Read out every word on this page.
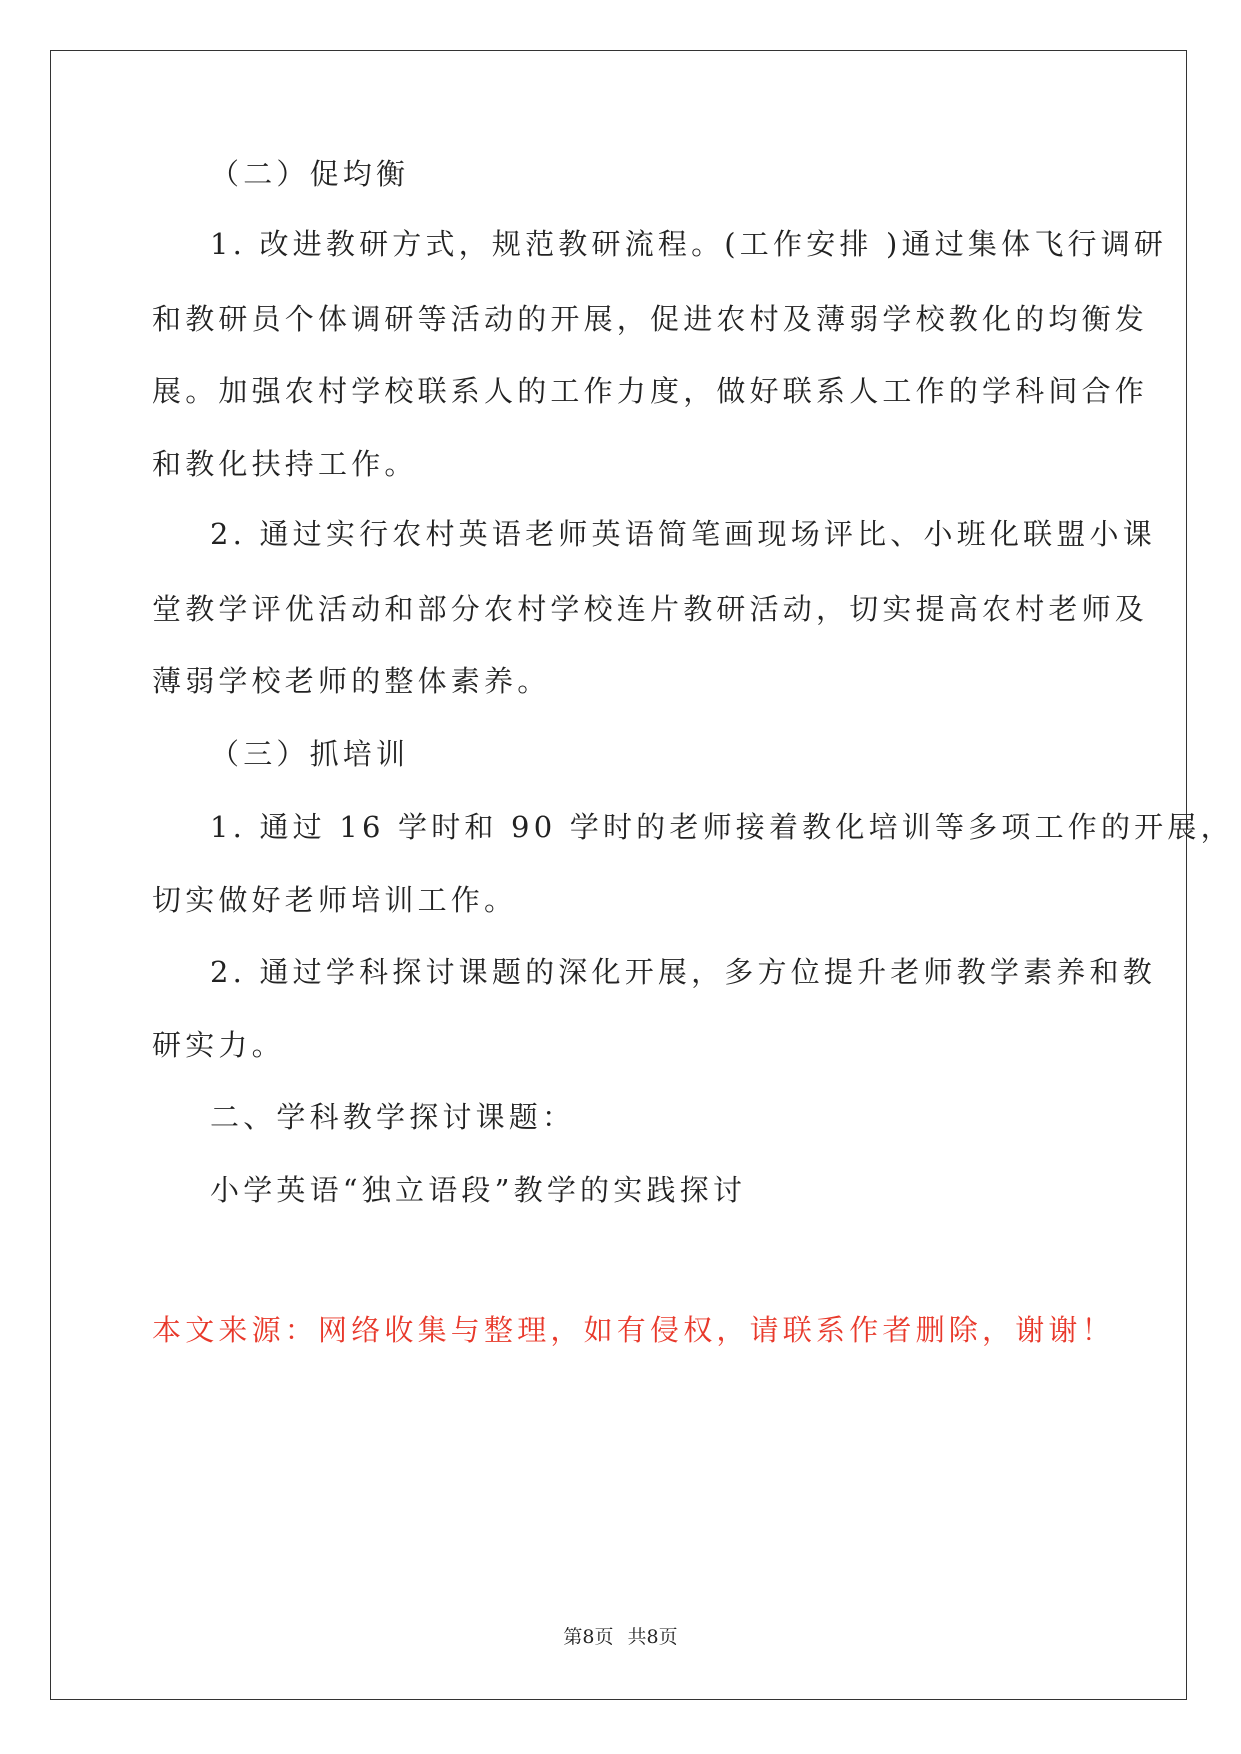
（二）促均衡
1. 改进教研方式，规范教研流程。(工作安排 )通过集体飞行调研
和教研员个体调研等活动的开展，促进农村及薄弱学校教化的均衡发
展。加强农村学校联系人的工作力度，做好联系人工作的学科间合作
和教化扶持工作。
2. 通过实行农村英语老师英语简笔画现场评比、小班化联盟小课
堂教学评优活动和部分农村学校连片教研活动，切实提高农村老师及
薄弱学校老师的整体素养。
（三）抓培训
1. 通过 16 学时和 90 学时的老师接着教化培训等多项工作的开展，
切实做好老师培训工作。
2. 通过学科探讨课题的深化开展，多方位提升老师教学素养和教
研实力。
二、学科教学探讨课题：
小学英语“独立语段”教学的实践探讨
本文来源：网络收集与整理，如有侵权，请联系作者删除，谢谢！
第8页 共8页
